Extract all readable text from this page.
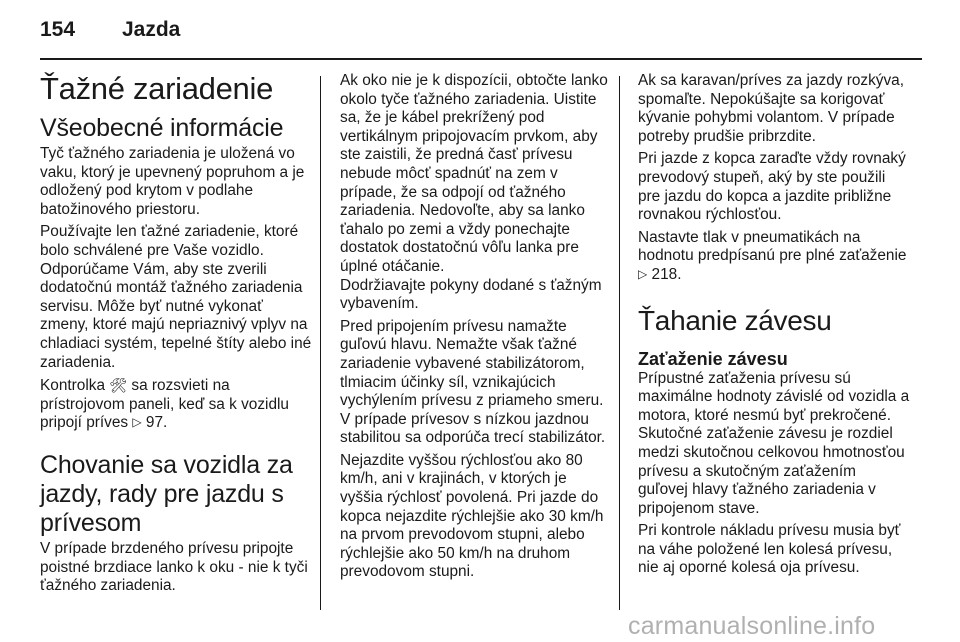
154 Jazda
Ťažné zariadenie
Všeobecné informácie

Tyč ťažného zariadenia je uložená vo vaku, ktorý je upevnený popruhom a je odložený pod krytom v podlahe batožinového priestoru.

Používajte len ťažné zariadenie, ktoré bolo schválené pre Vaše vozidlo. Odporúčame Vám, aby ste zverili dodatočnú montáž ťažného zariadenia servisu. Môže byť nutné vykonať zmeny, ktoré majú nepriaznivý vplyv na chladiaci systém, tepelné štíty alebo iné zariadenia.

Kontrolka 🛠 sa rozsvieti na prístrojovom paneli, keď sa k vozidlu pripojí príves ▷ 97.

Chovanie sa vozidla za jazdy, rady pre jazdu s prívesom

V prípade brzdeného prívesu pripojte poistné brzdiace lanko k oku - nie k tyči ťažného zariadenia.

Ak oko nie je k dispozícii, obtočte lanko okolo tyče ťažného zariadenia. Uistite sa, že je kábel prekrížený pod vertikálnym pripojovacím prvkom, aby ste zaistili, že predná časť prívesu nebude môcť spadnúť na zem v prípade, že sa odpojí od ťažného zariadenia. Nedovoľte, aby sa lanko ťahalo po zemi a vždy ponechajte dostatok dostatočnú vôľu lanka pre úplné otáčanie.

Dodržiavajte pokyny dodané s ťažným vybavením.

Pred pripojením prívesu namažte guľovú hlavu. Nemažte však ťažné zariadenie vybavené stabilizátorom, tlmiacim účinky síl, vznikajúcich vychýlením prívesu z priameho smeru. V prípade prívesov s nízkou jazdnou stabilitou sa odporúča trecí stabilizátor.

Nejazdite vyššou rýchlosťou ako 80 km/h, ani v krajinách, v ktorých je vyššia rýchlosť povolená. Pri jazde do kopca nejazdite rýchlejšie ako 30 km/h na prvom prevodovom stupni, alebo rýchlejšie ako 50 km/h na druhom prevodovom stupni.

Ak sa karavan/príves za jazdy rozkýva, spomaľte. Nepokúšajte sa korigovať kývanie pohybmi volantom. V prípade potreby prudšie pribrzdite.

Pri jazde z kopca zaraďte vždy rovnaký prevodový stupeň, aký by ste použili pre jazdu do kopca a jazdite približne rovnakou rýchlosťou.

Nastavte tlak v pneumatikách na hodnotu predpísanú pre plné zaťaženie ▷ 218.

Ťahanie závesu
Zaťaženie závesu

Prípustné zaťaženia prívesu sú maximálne hodnoty závislé od vozidla a motora, ktoré nesmú byť prekročené. Skutočné zaťaženie závesu je rozdiel medzi skutočnou celkovou hmotnosťou prívesu a skutočným zaťažením guľovej hlavy ťažného zariadenia v pripojenom stave.

Pri kontrole nákladu prívesu musia byť na váhe položené len kolesá prívesu, nie aj oporné kolesá oja prívesu.

carmanualsonline.info
